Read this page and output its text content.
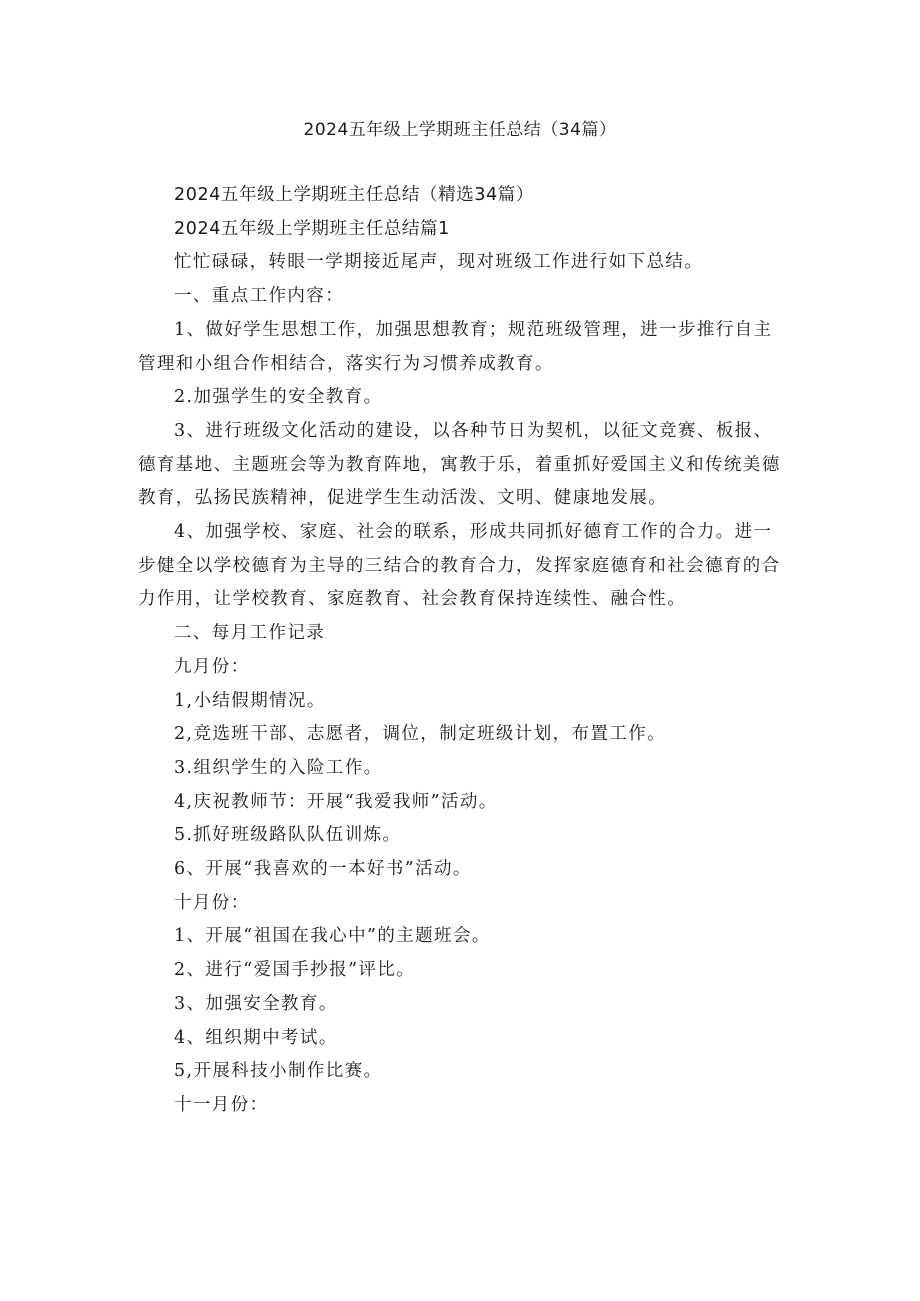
2024五年级上学期班主任总结（34篇）

2024五年级上学期班主任总结（精选34篇）

2024五年级上学期班主任总结篇1

忙忙碌碌，转眼一学期接近尾声，现对班级工作进行如下总结。

一、重点工作内容：

1、做好学生思想工作，加强思想教育；规范班级管理，进一步推行自主管理和小组合作相结合，落实行为习惯养成教育。

2.加强学生的安全教育。

3、进行班级文化活动的建设，以各种节日为契机，以征文竞赛、板报、德育基地、主题班会等为教育阵地，寓教于乐，着重抓好爱国主义和传统美德教育，弘扬民族精神，促进学生生动活泼、文明、健康地发展。

4、加强学校、家庭、社会的联系，形成共同抓好德育工作的合力。进一步健全以学校德育为主导的三结合的教育合力，发挥家庭德育和社会德育的合力作用，让学校教育、家庭教育、社会教育保持连续性、融合性。

二、每月工作记录

九月份：

1,小结假期情况。

2,竞选班干部、志愿者，调位，制定班级计划，布置工作。

3.组织学生的入险工作。

4,庆祝教师节：开展“我爱我师”活动。

5.抓好班级路队队伍训炼。

6、开展“我喜欢的一本好书”活动。

十月份：

1、开展“祖国在我心中”的主题班会。

2、进行“爱国手抄报”评比。

3、加强安全教育。

4、组织期中考试。

5,开展科技小制作比赛。

十一月份：
